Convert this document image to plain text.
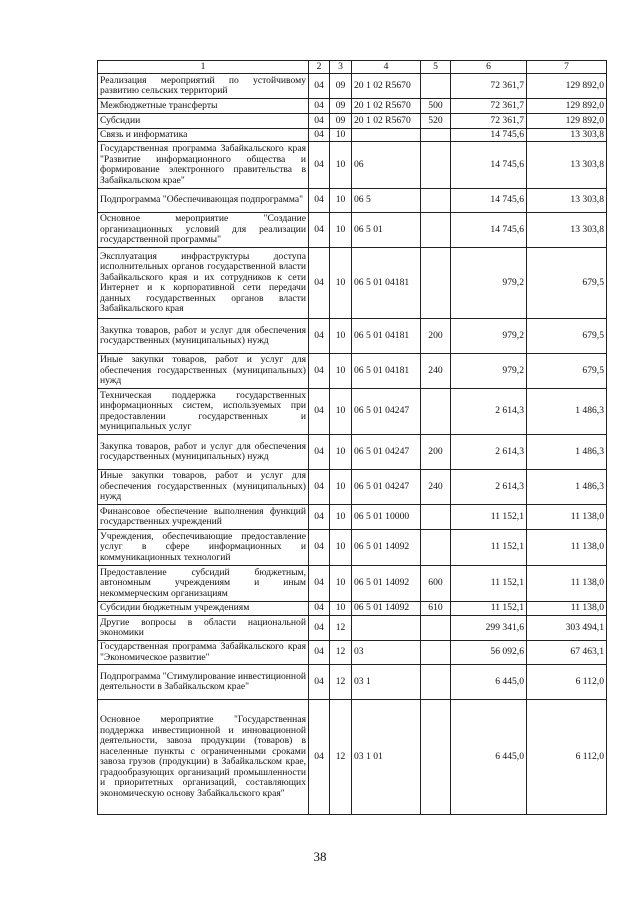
1	2	3	4	5	6	7
Реализация мероприятий по устойчивому развитию сельских территорий	04	09	20 1 02 R5670		72 361,7	129 892,0
Межбюджетные трансферты	04	09	20 1 02 R5670	500	72 361,7	129 892,0
Субсидии	04	09	20 1 02 R5670	520	72 361,7	129 892,0
Связь и информатика	04	10			14 745,6	13 303,8
Государственная программа Забайкальского края "Развитие информационного общества и формирование электронного правительства в Забайкальском крае"	04	10	06		14 745,6	13 303,8
Подпрограмма "Обеспечивающая подпрограмма"	04	10	06 5		14 745,6	13 303,8
Основное мероприятие "Создание организационных условий для реализации государственной программы"	04	10	06 5 01		14 745,6	13 303,8
Эксплуатация инфраструктуры доступа исполнительных органов государственной власти Забайкальского края и их сотрудников к сети Интернет и к корпоративной сети передачи данных государственных органов власти Забайкальского края	04	10	06 5 01 04181		979,2	679,5
Закупка товаров, работ и услуг для обеспечения государственных (муниципальных) нужд	04	10	06 5 01 04181	200	979,2	679,5
Иные закупки товаров, работ и услуг для обеспечения государственных (муниципальных) нужд	04	10	06 5 01 04181	240	979,2	679,5
Техническая поддержка государственных информационных систем, используемых при предоставлении государственных и муниципальных услуг	04	10	06 5 01 04247		2 614,3	1 486,3
Закупка товаров, работ и услуг для обеспечения государственных (муниципальных) нужд	04	10	06 5 01 04247	200	2 614,3	1 486,3
Иные закупки товаров, работ и услуг для обеспечения государственных (муниципальных) нужд	04	10	06 5 01 04247	240	2 614,3	1 486,3
Финансовое обеспечение выполнения функций государственных учреждений	04	10	06 5 01 10000		11 152,1	11 138,0
Учреждения, обеспечивающие предоставление услуг в сфере информационных и коммуникационных технологий	04	10	06 5 01 14092		11 152,1	11 138,0
Предоставление субсидий бюджетным, автономным учреждениям и иным некоммерческим организациям	04	10	06 5 01 14092	600	11 152,1	11 138,0
Субсидии бюджетным учреждениям	04	10	06 5 01 14092	610	11 152,1	11 138,0
Другие вопросы в области национальной экономики	04	12			299 341,6	303 494,1
Государственная программа Забайкальского края "Экономическое развитие"	04	12	03		56 092,6	67 463,1
Подпрограмма "Стимулирование инвестиционной деятельности в Забайкальском крае"	04	12	03 1		6 445,0	6 112,0
Основное мероприятие "Государственная поддержка инвестиционной и инновационной деятельности, завоза продукции (товаров) в населенные пункты с ограниченными сроками завоза грузов (продукции) в Забайкальском крае, градообразующих организаций промышленности и приоритетных организаций, составляющих экономическую основу Забайкальского края"	04	12	03 1 01		6 445,0	6 112,0
38
